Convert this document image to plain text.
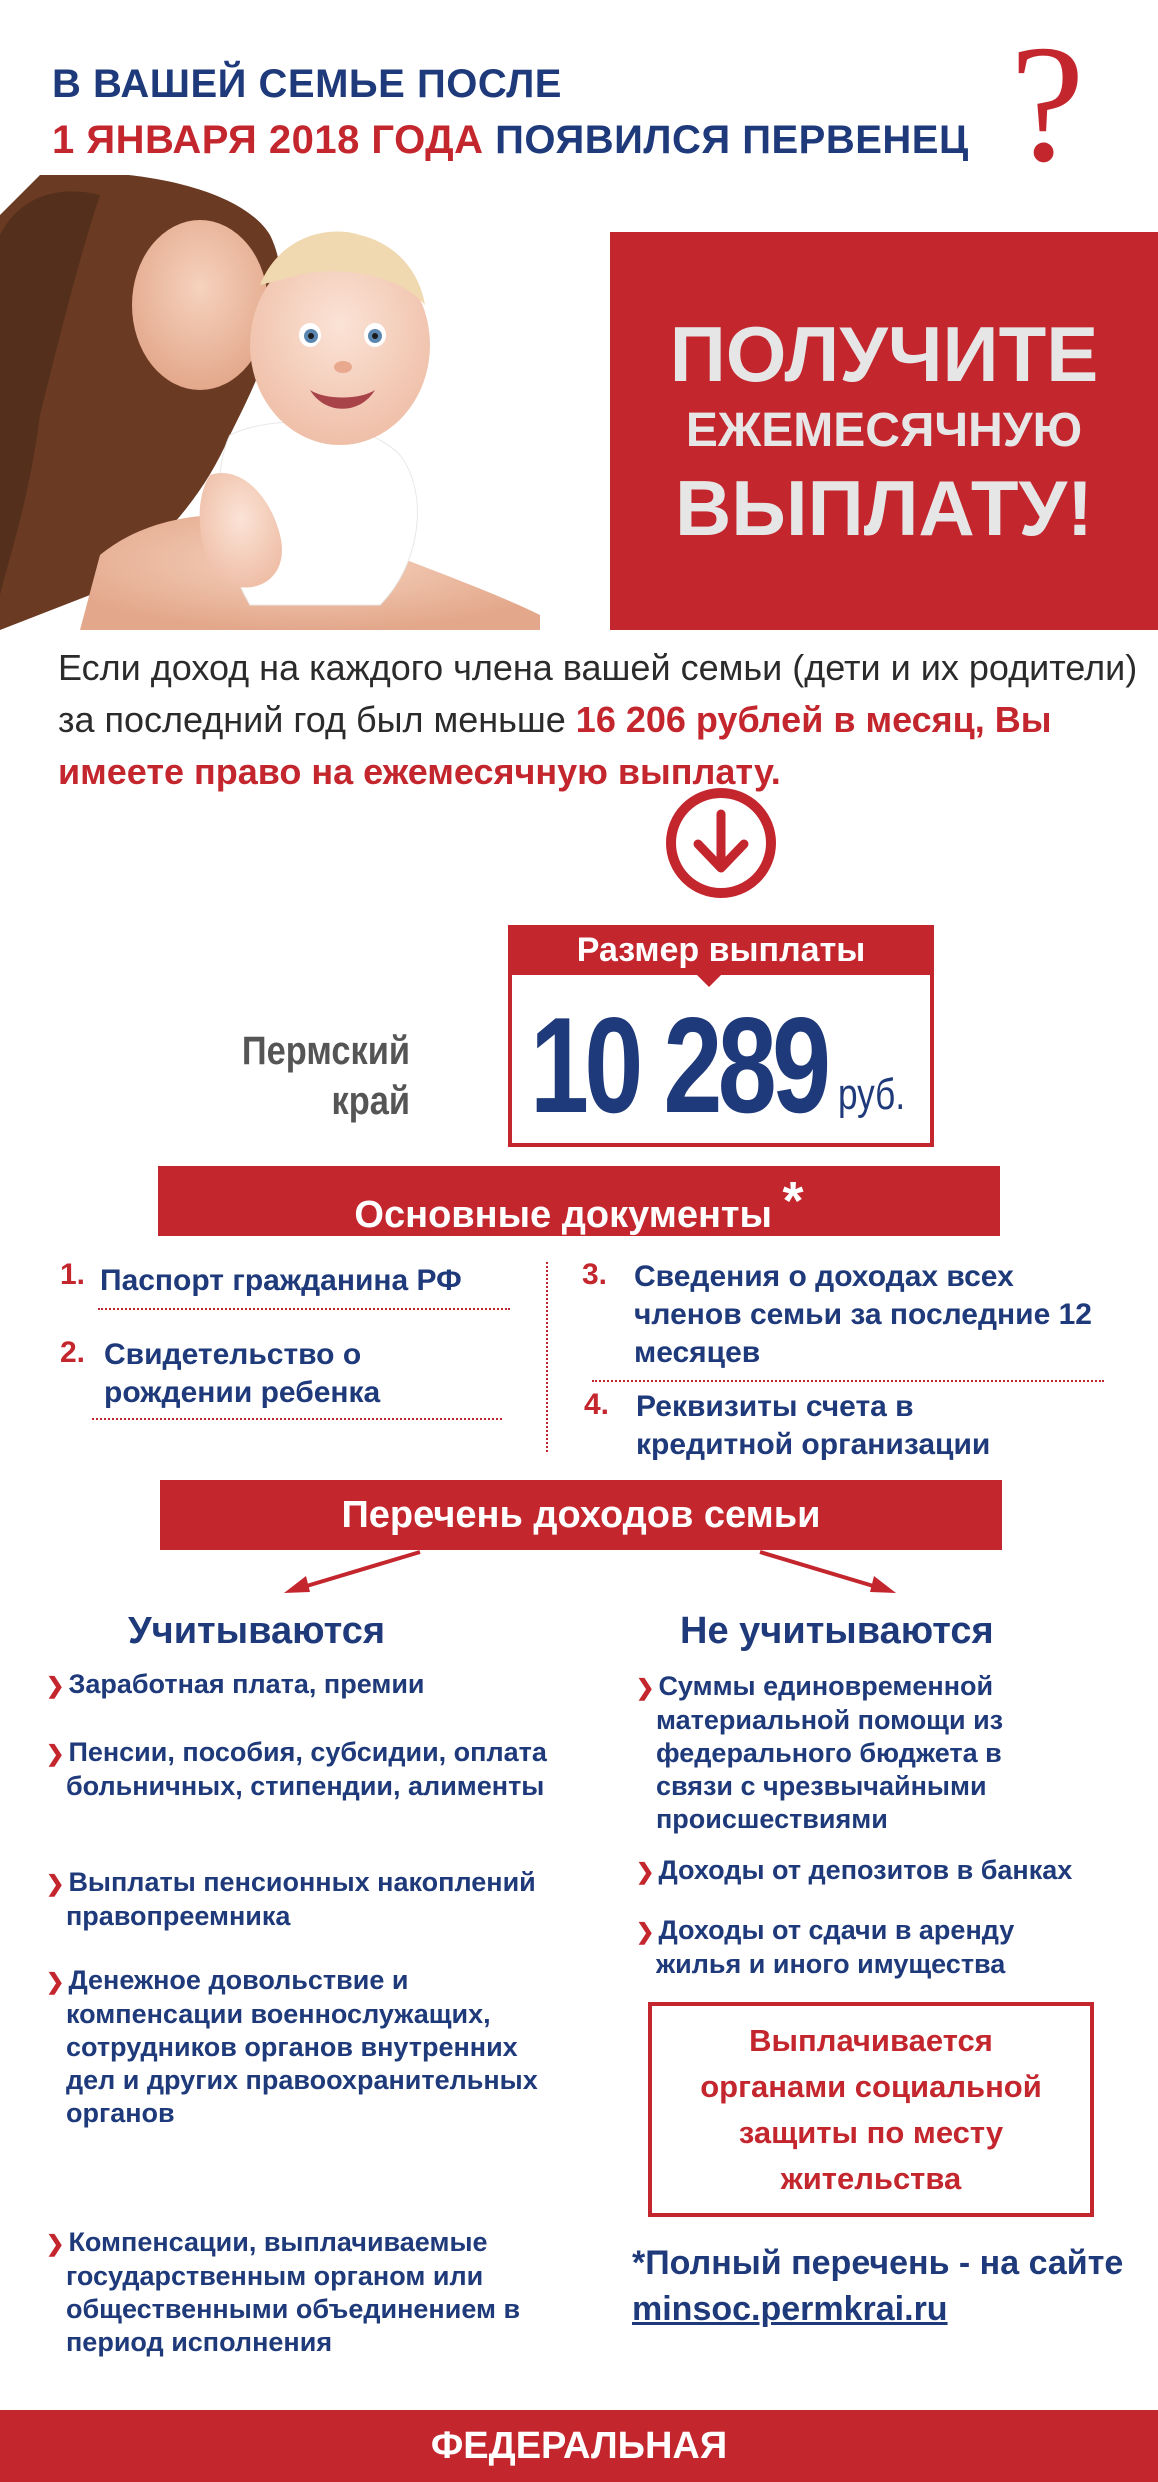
В ВАШЕЙ СЕМЬЕ ПОСЛЕ
1 ЯНВАРЯ 2018 ГОДА ПОЯВИЛСЯ ПЕРВЕНЕЦ ?
ПОЛУЧИТЕ
ЕЖЕМЕСЯЧНУЮ
ВЫПЛАТУ!
Если доход на каждого члена вашей семьи (дети и их родители) за последний год был меньше 16 206 рублей в месяц, Вы имеете право на ежемесячную выплату.
Пермский
край
Размер выплаты
10 289 руб.
Основные документы *
1. Паспорт гражданина РФ
2. Свидетельство о рождении ребенка
3. Сведения о доходах всех членов семьи за последние 12 месяцев
4. Реквизиты счета в кредитной организации
Перечень доходов семьи
Учитываются
❯ Заработная плата, премии
❯ Пенсии, пособия, субсидии, оплата больничных, стипендии, алименты
❯ Выплаты пенсионных накоплений правопреемника
❯ Денежное довольствие и компенсации военнослужащих, сотрудников органов внутренних дел и других правоохранительных органов
❯ Компенсации, выплачиваемые государственным органом или общественными объединением в период исполнения
Не учитываются
❯ Суммы единовременной материальной помощи из федерального бюджета в связи с чрезвычайными происшествиями
❯ Доходы от депозитов в банках
❯ Доходы от сдачи в аренду жилья и иного имущества
Выплачивается органами социальной защиты по месту жительства
*Полный перечень - на сайте minsoc.permkrai.ru
ФЕДЕРАЛЬНАЯ
